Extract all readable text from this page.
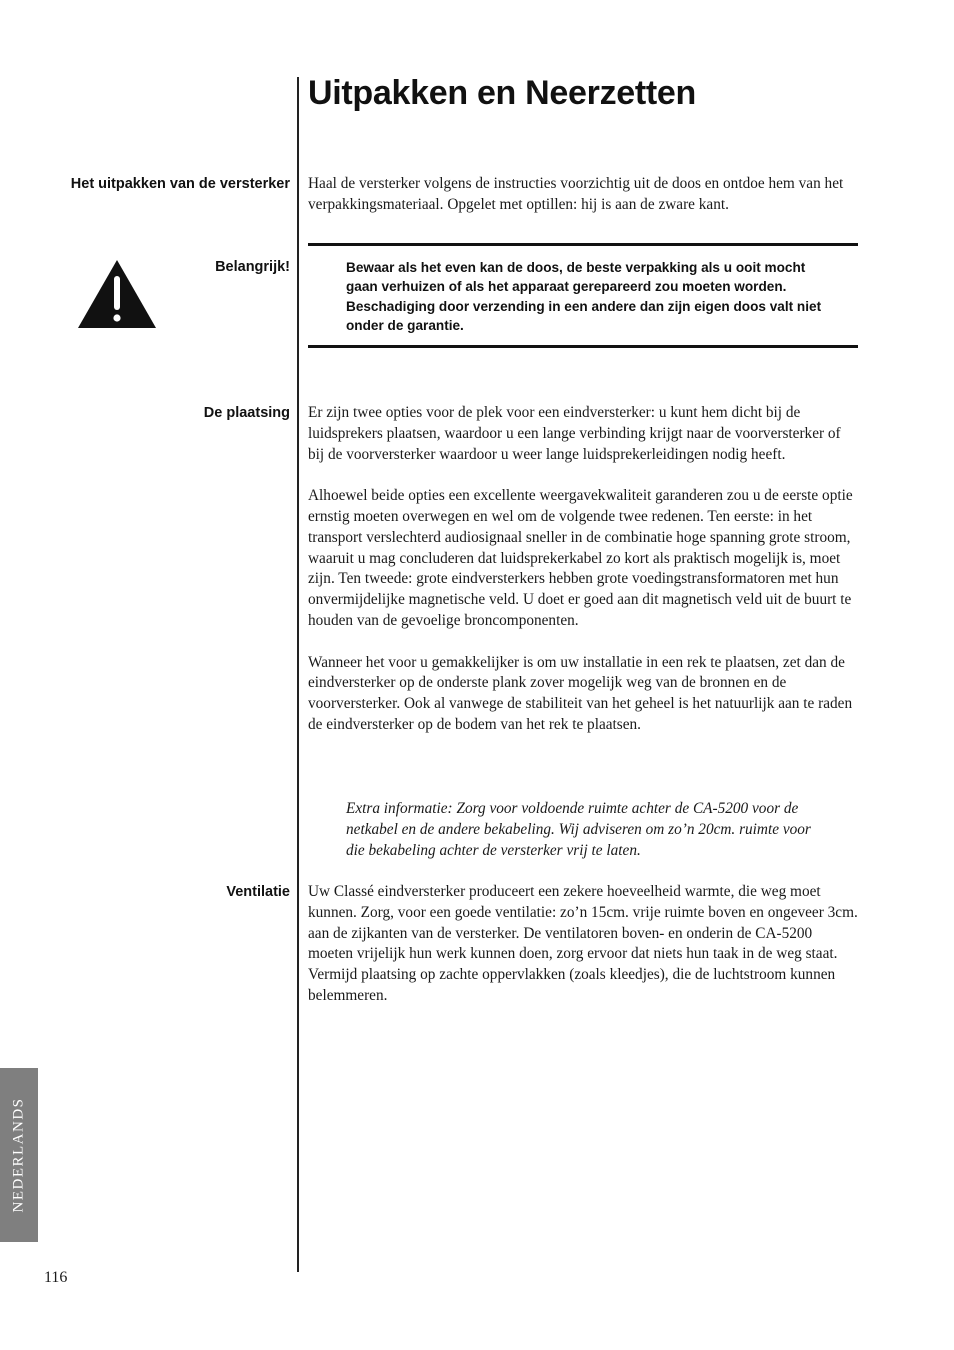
Uitpakken en Neerzetten
Het uitpakken van de versterker Haal de versterker volgens de instructies voorzichtig uit de doos en ontdoe hem van het verpakkingsmateriaal. Opgelet met optillen: hij is aan de zware kant.

Belangrijk!	Bewaar als het even kan de doos, de beste verpakking als u ooit mocht gaan verhuizen of als het apparaat gerepareerd zou moeten worden. Beschadiging door verzending in een andere dan zijn eigen doos valt niet onder de garantie.
De plaatsing Er zijn twee opties voor de plek voor een eindversterker: u kunt hem dicht bij de luidsprekers plaatsen, waardoor u een lange verbinding krijgt naar de voorversterker of bij de voorversterker waardoor u weer lange luidsprekerleidingen nodig heeft.

Alhoewel beide opties een excellente weergavekwaliteit garanderen zou u de eerste optie ernstig moeten overwegen en wel om de volgende twee redenen. Ten eerste: in het transport verslechterd audiosignaal sneller in de combinatie hoge spanning grote stroom, waaruit u mag concluderen dat luidsprekerkabel zo kort als praktisch mogelijk is, moet zijn. Ten tweede: grote eindversterkers hebben grote voedingstransformatoren met hun onvermijdelijke magnetische veld. U doet er goed aan dit magnetisch veld uit de buurt te houden van de gevoelige broncomponenten.

Wanneer het voor u gemakkelijker is om uw installatie in een rek te plaatsen, zet dan de eindversterker op de onderste plank zover mogelijk weg van de bronnen en de voorversterker. Ook al vanwege de stabiliteit van het geheel is het natuurlijk aan te raden de eindversterker op de bodem van het rek te plaatsen.

Extra informatie: Zorg voor voldoende ruimte achter de CA-5200 voor de netkabel en de andere bekabeling. Wij adviseren om zo’n 20cm. ruimte voor die bekabeling achter de versterker vrij te laten.
Ventilatie Uw Classé eindversterker produceert een zekere hoeveelheid warmte, die weg moet kunnen. Zorg, voor een goede ventilatie: zo’n 15cm. vrije ruimte boven en ongeveer 3cm. aan de zijkanten van de versterker. De ventilatoren boven- en onderin de CA-5200 moeten vrijelijk hun werk kunnen doen, zorg ervoor dat niets hun taak in de weg staat. Vermijd plaatsing op zachte oppervlakken (zoals kleedjes), die de luchtstroom kunnen belemmeren.

NEDERLANDS
116
